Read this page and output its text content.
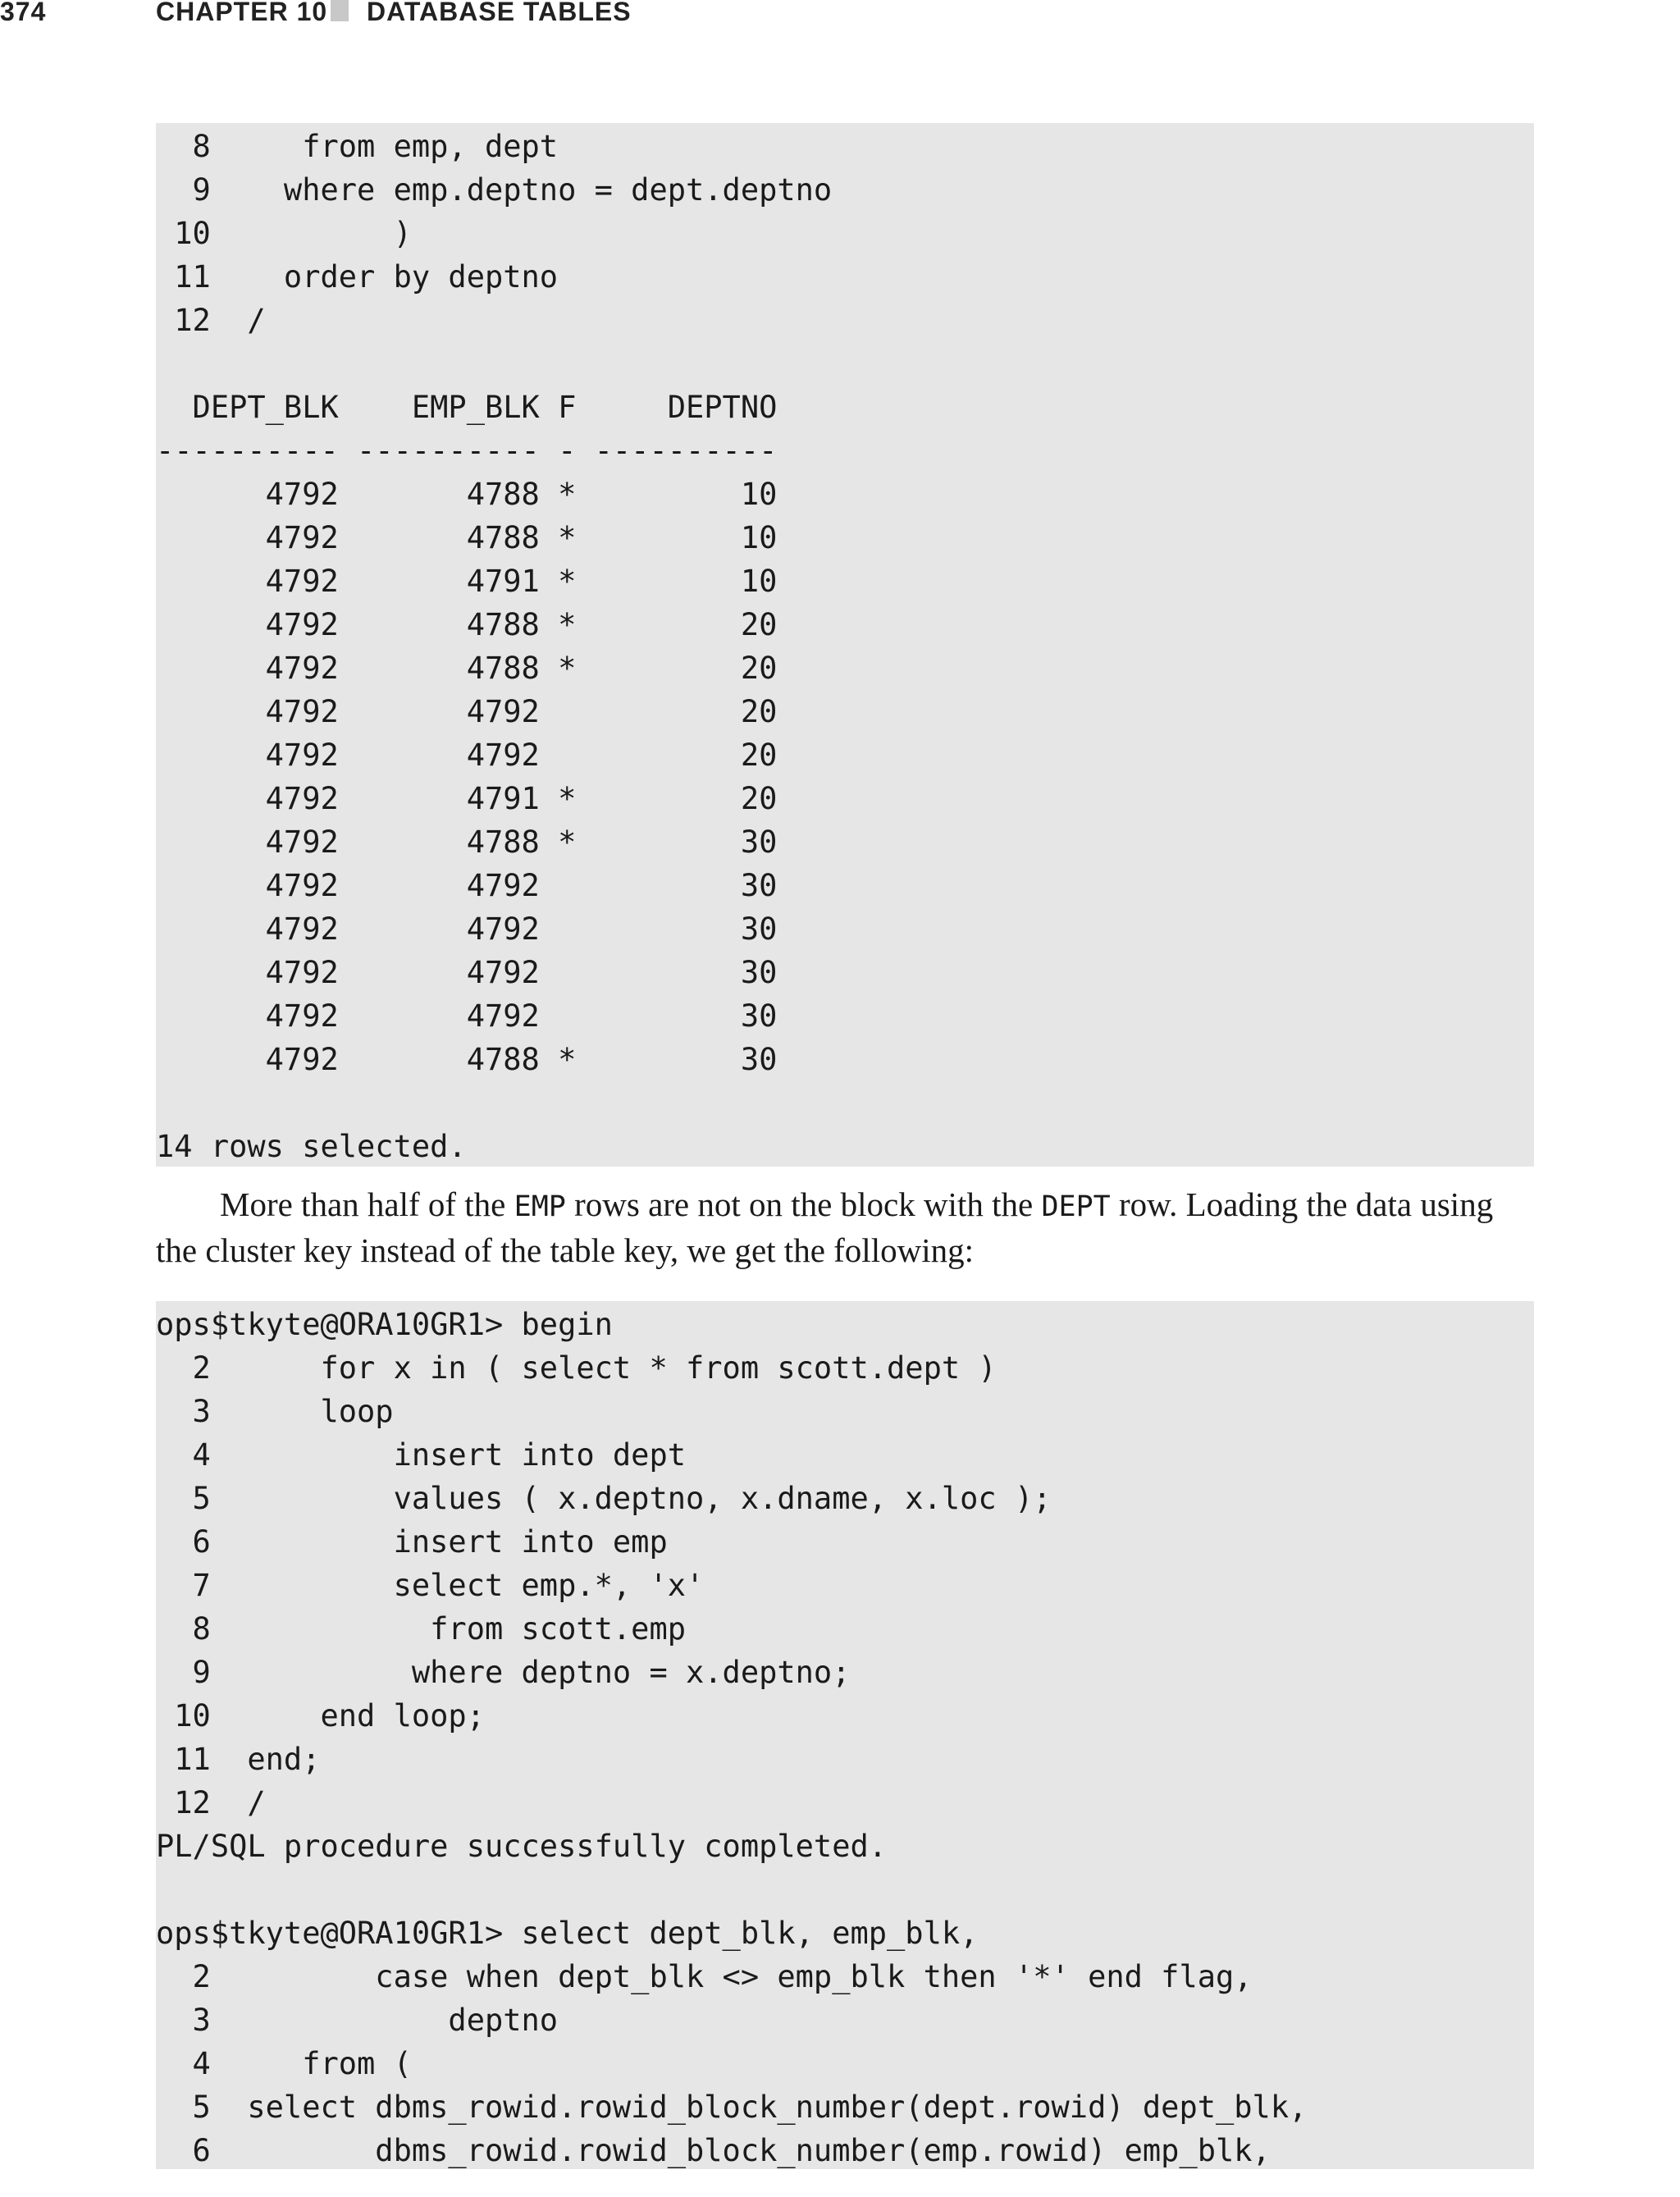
374	CHAPTER 10 DATABASE TABLES
8     from emp, dept
9    where emp.deptno = dept.deptno
10          )
11    order by deptno
12  /

DEPT_BLK    EMP_BLK F     DEPTNO
---------- ---------- - ----------
4792       4788 *         10
4792       4788 *         10
4792       4791 *         10
4792       4788 *         20
4792       4788 *         20
4792       4792           20
4792       4792           20
4792       4791 *         20
4792       4788 *         30
4792       4792           30
4792       4792           30
4792       4792           30
4792       4792           30
4792       4788 *         30

14 rows selected.

More than half of the EMP rows are not on the block with the DEPT row. Loading the data using the cluster key instead of the table key, we get the following:

ops$tkyte@ORA10GR1> begin
2      for x in ( select * from scott.dept )
3      loop
4          insert into dept
5          values ( x.deptno, x.dname, x.loc );
6          insert into emp
7          select emp.*, 'x'
8            from scott.emp
9           where deptno = x.deptno;
10      end loop;
11  end;
12  /
PL/SQL procedure successfully completed.

ops$tkyte@ORA10GR1> select dept_blk, emp_blk,
2         case when dept_blk <> emp_blk then '*' end flag,
3             deptno
4     from (
5  select dbms_rowid.rowid_block_number(dept.rowid) dept_blk,
6         dbms_rowid.rowid_block_number(emp.rowid) emp_blk,
